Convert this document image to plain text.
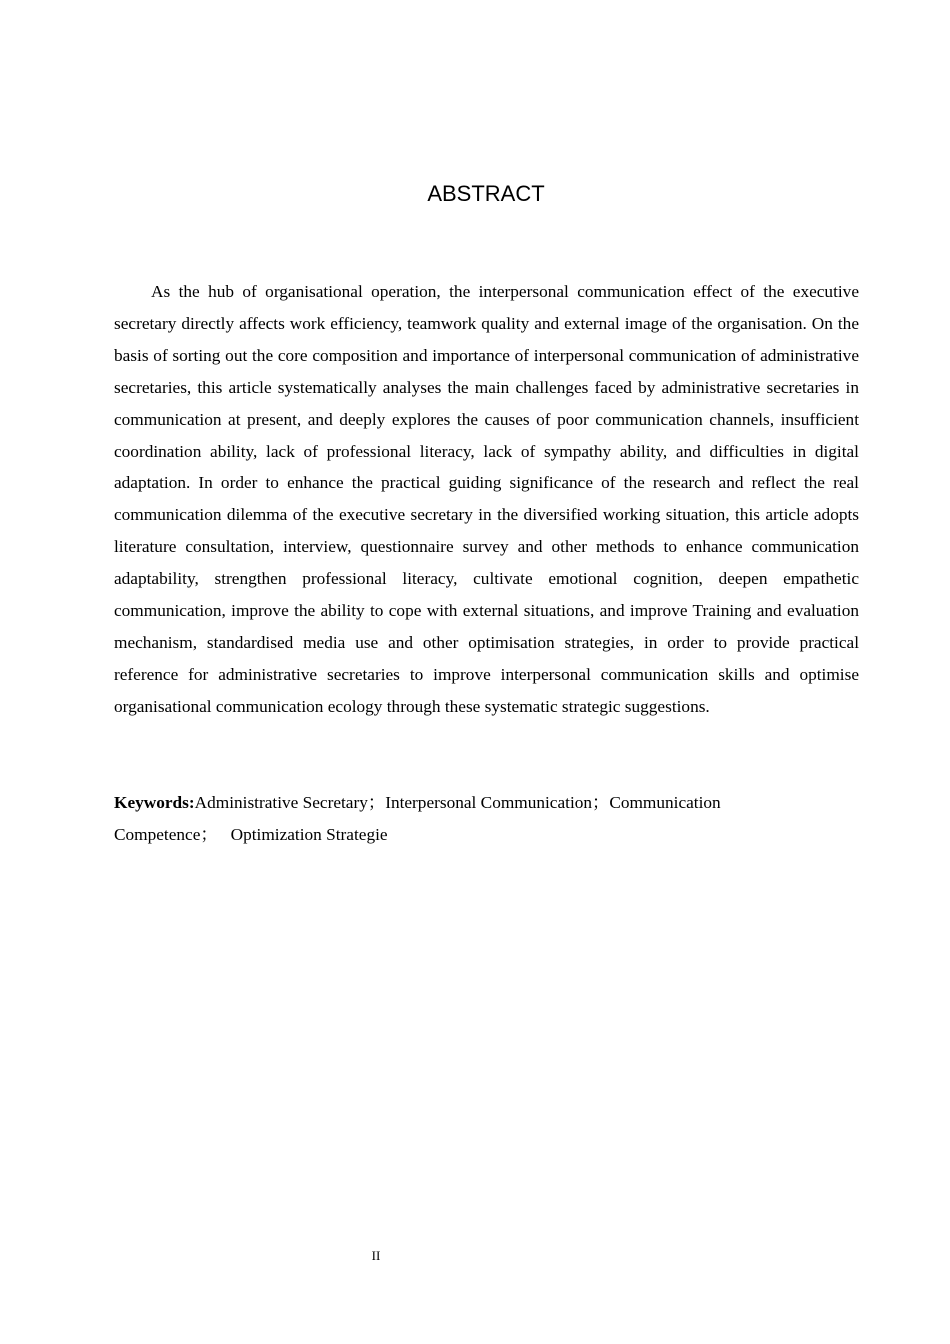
ABSTRACT

As the hub of organisational operation, the interpersonal communication effect of the executive secretary directly affects work efficiency, teamwork quality and external image of the organisation. On the basis of sorting out the core composition and importance of interpersonal communication of administrative secretaries, this article systematically analyses the main challenges faced by administrative secretaries in communication at present, and deeply explores the causes of poor communication channels, insufficient coordination ability, lack of professional literacy, lack of sympathy ability, and difficulties in digital adaptation. In order to enhance the practical guiding significance of the research and reflect the real communication dilemma of the executive secretary in the diversified working situation, this article adopts literature consultation, interview, questionnaire survey and other methods to enhance communication adaptability, strengthen professional literacy, cultivate emotional cognition, deepen empathetic communication, improve the ability to cope with external situations, and improve Training and evaluation mechanism, standardised media use and other optimisation strategies, in order to provide practical reference for administrative secretaries to improve interpersonal communication skills and optimise organisational communication ecology through these systematic strategic suggestions.

Keywords:Administrative Secretary；Interpersonal Communication；Communication
Competence；   Optimization Strategie

II
